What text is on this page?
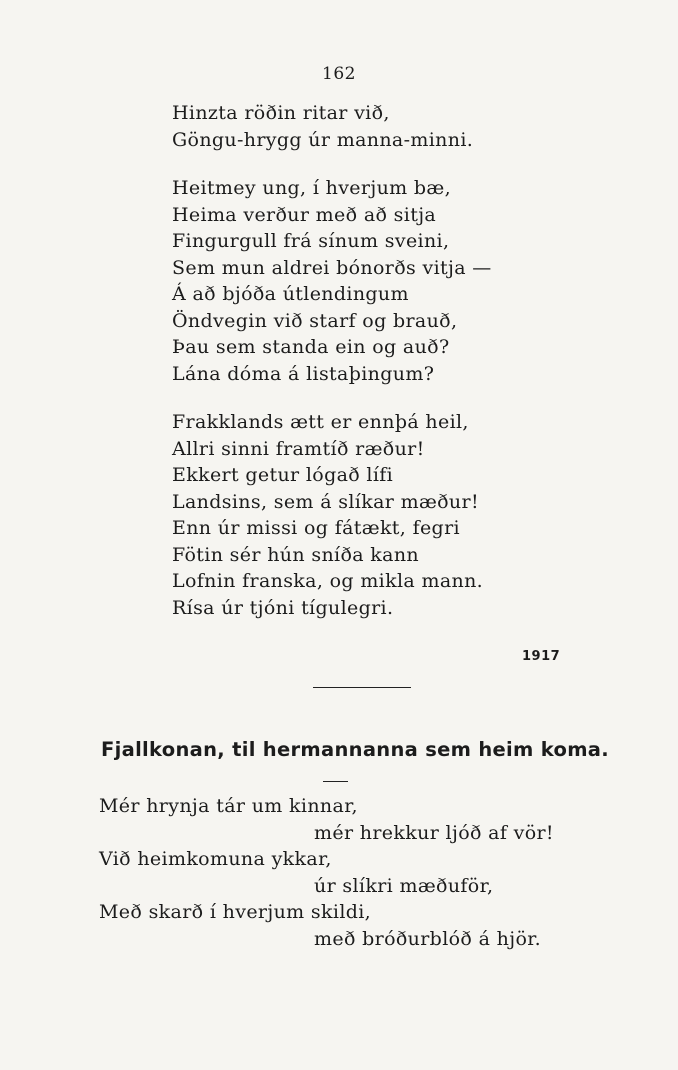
162
Hinzta röðin ritar við,
Göngu-hrygg úr manna-minni.
Heitmey ung, í hverjum bæ,
Heima verður með að sitja
Fingurgull frá sínum sveini,
Sem mun aldrei bónorðs vitja —
Á að bjóða útlendingum
Öndvegin við starf og brauð,
Þau sem standa ein og auð?
Lána dóma á listaþingum?
Frakklands ætt er ennþá heil,
Allri sinni framtíð ræður!
Ekkert getur lógað lífi
Landsins, sem á slíkar mæður!
Enn úr missi og fátækt, fegri
Fötin sér hún sníða kann
Lofnin franska, og mikla mann.
Rísa úr tjóni tígulegri.
1917
Fjallkonan, til hermannanna sem heim koma.
Mér hrynja tár um kinnar,
mér hrekkur ljóð af vör!
Við heimkomuna ykkar,
úr slíkri mæðuför,
Með skarð í hverjum skildi,
með bróðurblóð á hjör.
